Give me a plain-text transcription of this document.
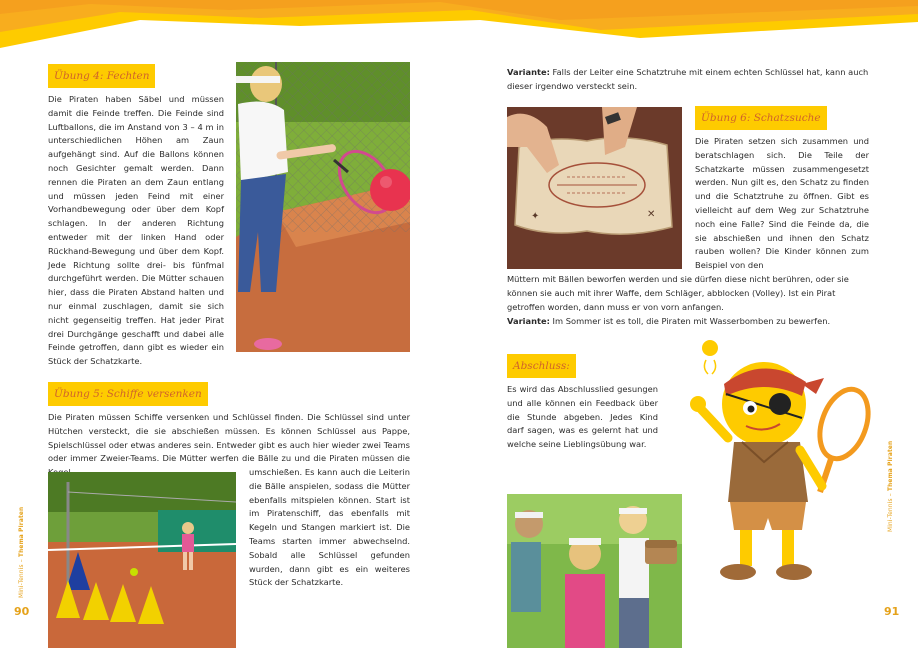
Übung 4: Fechten
Die Piraten haben Säbel und müssen damit die Feinde treffen. Die Feinde sind Luftballons, die im Anstand von 3 – 4 m in unterschiedlichen Höhen am Zaun aufgehängt sind. Auf die Ballons können noch Gesichter gemalt werden. Dann rennen die Piraten an dem Zaun entlang und müssen jeden Feind mit einer Vorhandbewegung oder über dem Kopf schlagen. In der anderen Richtung entweder mit der linken Hand oder Rückhand-Bewegung und über dem Kopf. Jede Richtung sollte drei- bis fünfmal durchgeführt werden. Die Mütter schauen hier, dass die Piraten Abstand halten und nur einmal zuschlagen, damit sie sich nicht gegenseitig treffen. Hat jeder Pirat drei Durchgänge geschafft und dabei alle Feinde getroffen, dann gibt es wieder ein Stück der Schatzkarte.
Übung 5: Schiffe versenken
Die Piraten müssen Schiffe versenken und Schlüssel finden. Die Schlüssel sind unter Hütchen versteckt, die sie abschießen müssen. Es können Schlüssel aus Pappe, Spielschlüssel oder etwas anderes sein. Entweder gibt es auch hier wieder zwei Teams oder immer Zweier-Teams. Die Mütter werfen die Bälle zu und die Piraten müssen die
umschießen. Es kann auch die Leiterin die Bälle anspielen, sodass die Mütter ebenfalls mitspielen können. Start ist im Piratenschiff, das ebenfalls mit Kegeln und Stangen markiert ist. Die Teams starten immer abwechselnd. Sobald alle Schlüssel gefunden wurden, dann gibt es ein weiteres Stück der Schatzkarte.
Mini-Tennis – Thema Piraten
90
Variante: Falls der Leiter eine Schatztruhe mit einem echten Schlüssel hat, kann auch dieser irgendwo versteckt sein.
✕
✦
Übung 6: Schatzsuche
Die Piraten setzen sich zusammen und beratschlagen sich. Die Teile der Schatzkarte müssen zusammengesetzt werden. Nun gilt es, den Schatz zu finden und die Schatztruhe zu öffnen. Gibt es vielleicht auf dem Weg zur Schatztruhe noch eine Falle? Sind die Feinde da, die sie abschießen und ihnen den Schatz rauben wollen? Die Kinder können zum Beispiel von den
Müttern mit Bällen beworfen werden und sie dürfen diese nicht berühren, oder sie können sie auch mit ihrer Waffe, dem Schläger, abblocken (Volley). Ist ein Pirat getroffen worden, dann muss er von vorn anfangen.
Variante: Im Sommer ist es toll, die Piraten mit Wasserbomben zu bewerfen.
Abschluss:
Es wird das Abschlusslied gesungen und alle können ein Feedback über die Stunde abgeben. Jedes Kind darf sagen, was es gelernt hat und welche seine Lieblingsübung war.
Mini-Tennis – Thema Piraten
91
